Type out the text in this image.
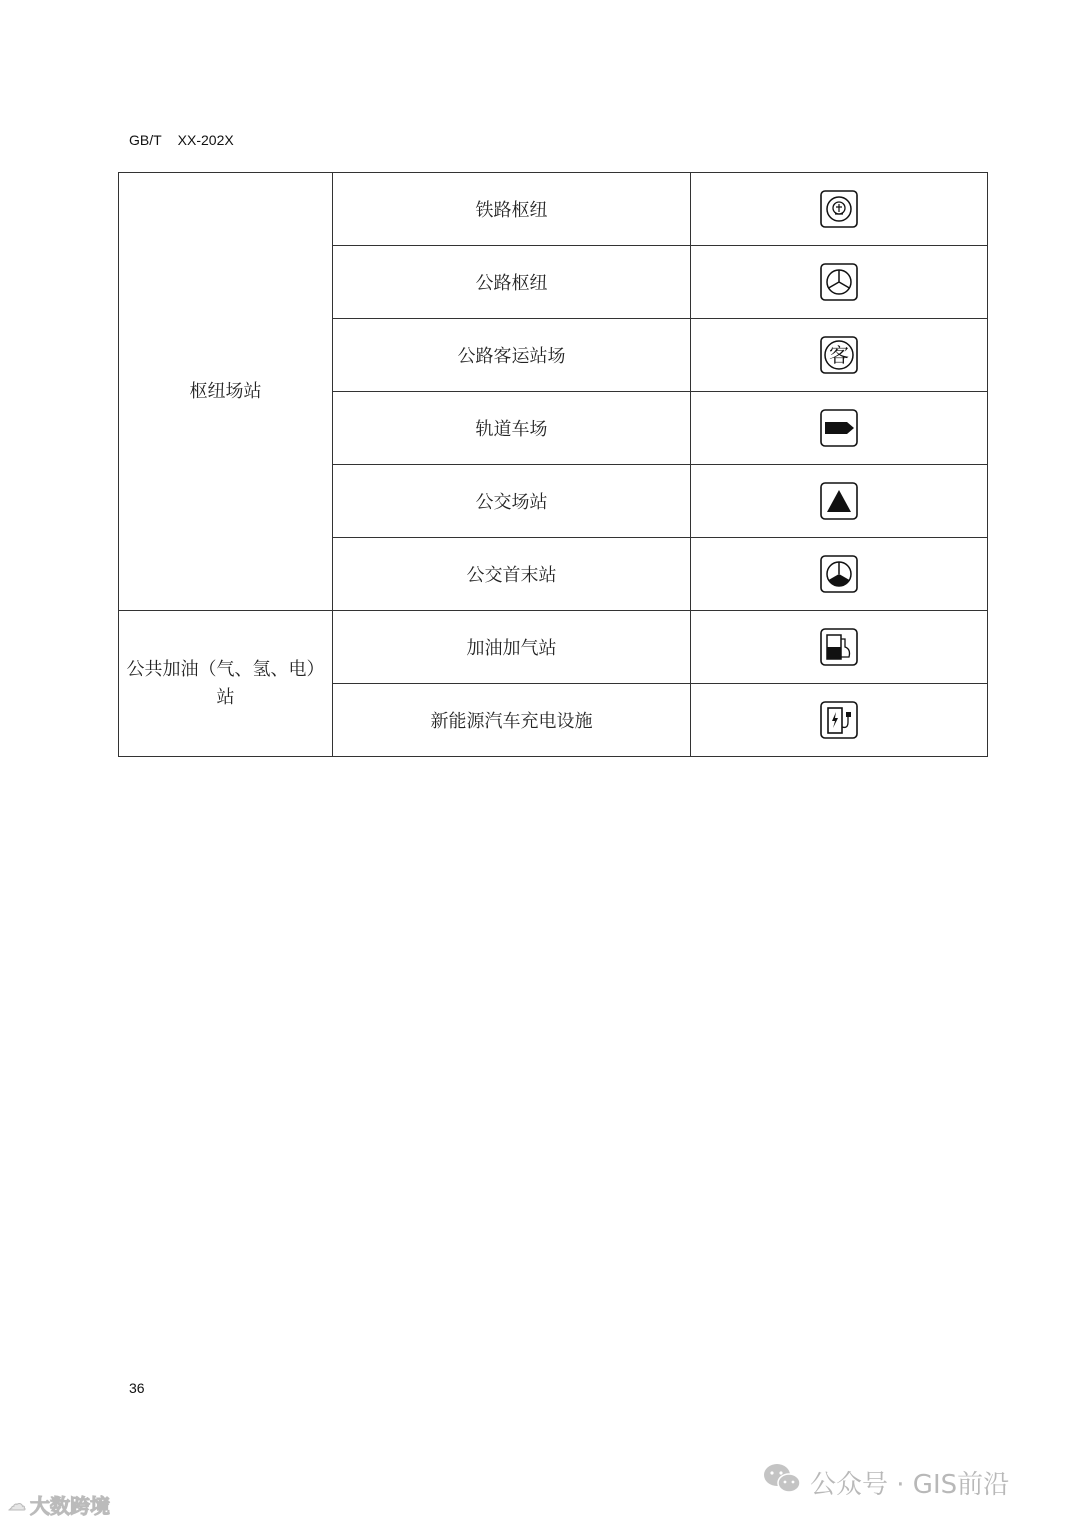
GB/T XX-202X
枢纽场站	铁路枢纽	

	公路枢纽	

	公路客运站场	客

	轨道车场	

	公交场站	

	公交首末站	

公共加油（气、氢、电）
站	加油加气站	

	新能源汽车充电设施	
36
☁ 大数跨境
公众号 · GIS前沿
